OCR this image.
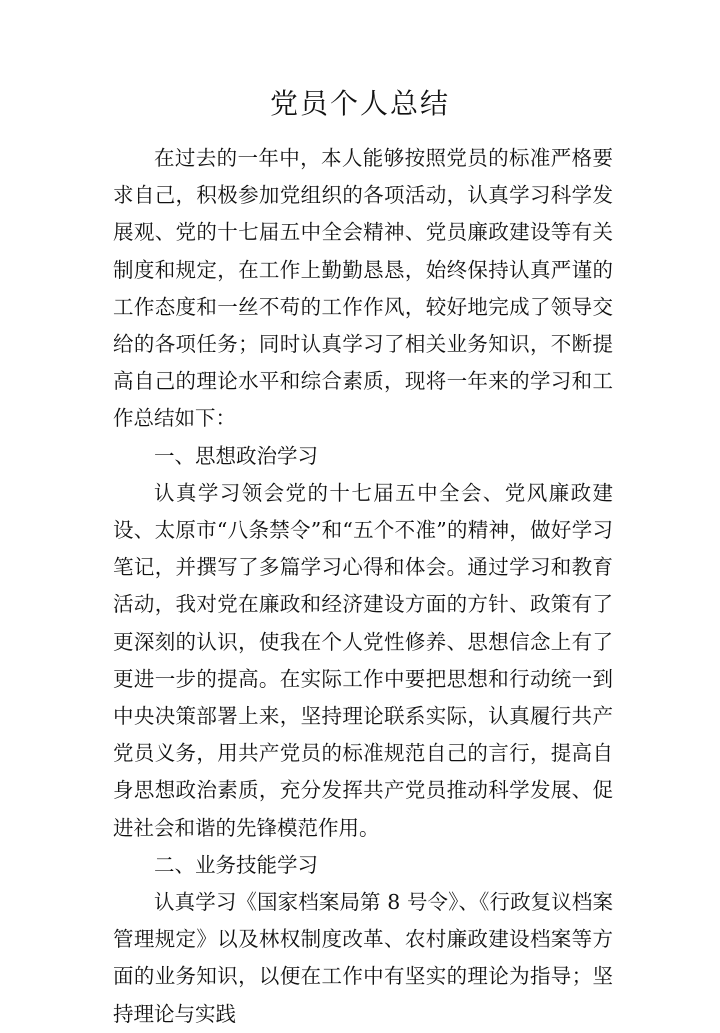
党员个人总结

在过去的一年中，本人能够按照党员的标准严格要求自己，积极参加党组织的各项活动，认真学习科学发展观、党的十七届五中全会精神、党员廉政建设等有关制度和规定，在工作上勤勤恳恳，始终保持认真严谨的工作态度和一丝不苟的工作作风，较好地完成了领导交给的各项任务；同时认真学习了相关业务知识，不断提高自己的理论水平和综合素质，现将一年来的学习和工作总结如下：

一、思想政治学习

认真学习领会党的十七届五中全会、党风廉政建设、太原市“八条禁令”和“五个不准”的精神，做好学习笔记，并撰写了多篇学习心得和体会。通过学习和教育活动，我对党在廉政和经济建设方面的方针、政策有了更深刻的认识，使我在个人党性修养、思想信念上有了更进一步的提高。在实际工作中要把思想和行动统一到中央决策部署上来，坚持理论联系实际，认真履行共产党员义务，用共产党员的标准规范自己的言行，提高自身思想政治素质，充分发挥共产党员推动科学发展、促进社会和谐的先锋模范作用。

二、业务技能学习

认真学习《国家档案局第 8 号令》、《行政复议档案管理规定》以及林权制度改革、农村廉政建设档案等方面的业务知识，以便在工作中有坚实的理论为指导；坚持理论与实践
